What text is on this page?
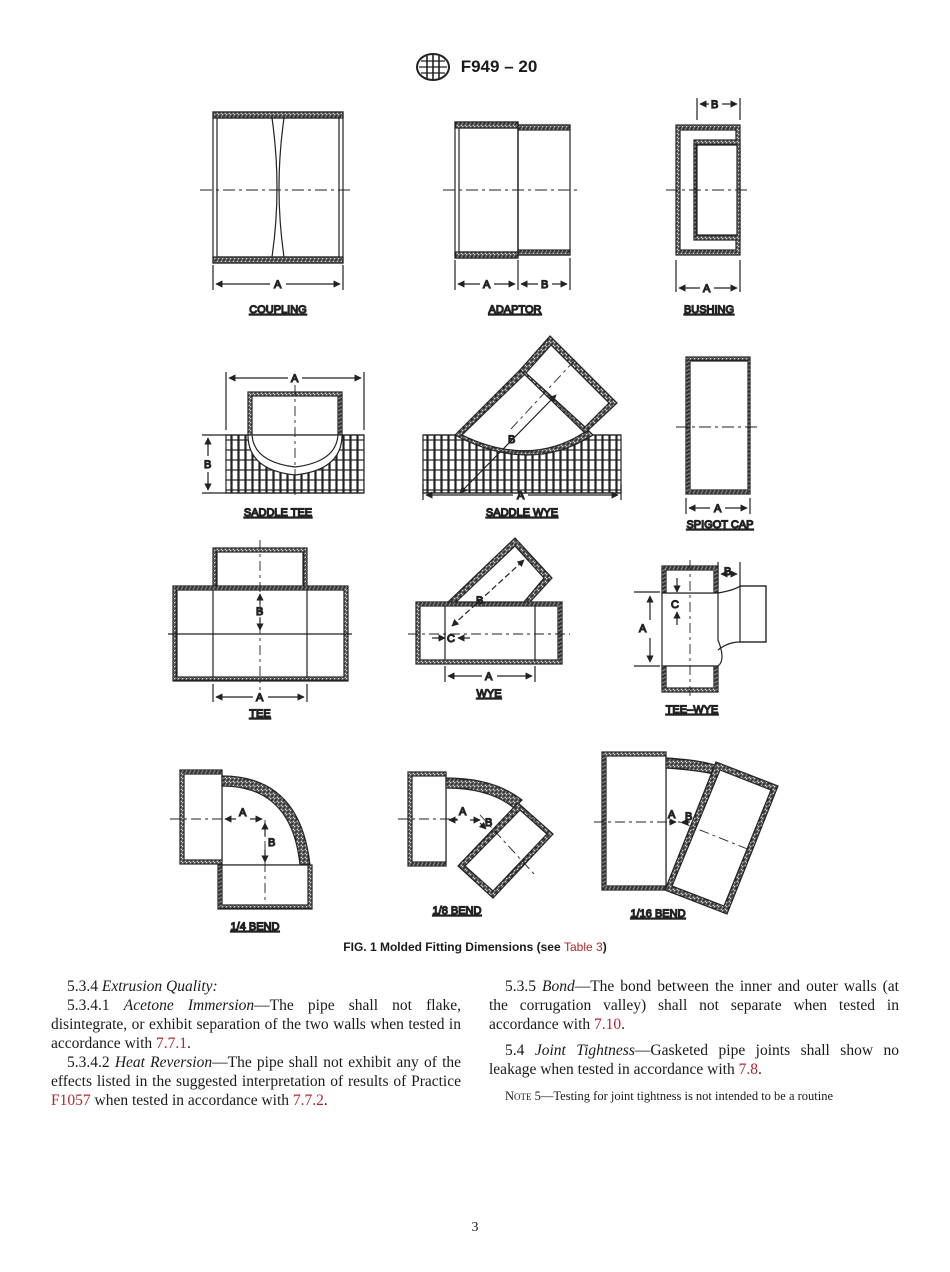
F949 – 20
A
COUPLING
A	B
ADAPTOR
B
A
BUSHING
A
B
SADDLE TEE
B
A
SADDLE WYE	A
SPIGOT CAP
B
A
TEE
B
C
A
WYE
A
B
C
TEE–WYE
A
B
1/4 BEND
A
B
1/8 BEND
A B
1/16 BEND
FIG. 1 Molded Fitting Dimensions (see Table 3)

5.3.4 Extrusion Quality:

5.3.4.1 Acetone Immersion—The pipe shall not flake, disintegrate, or exhibit separation of the two walls when tested in accordance with 7.7.1.

5.3.4.2 Heat Reversion—The pipe shall not exhibit any of the effects listed in the suggested interpretation of results of Practice F1057 when tested in accordance with 7.7.2.

5.3.5 Bond—The bond between the inner and outer walls (at the corrugation valley) shall not separate when tested in accordance with 7.10.

5.4 Joint Tightness—Gasketed pipe joints shall show no leakage when tested in accordance with 7.8.

Note 5—Testing for joint tightness is not intended to be a routine

3
